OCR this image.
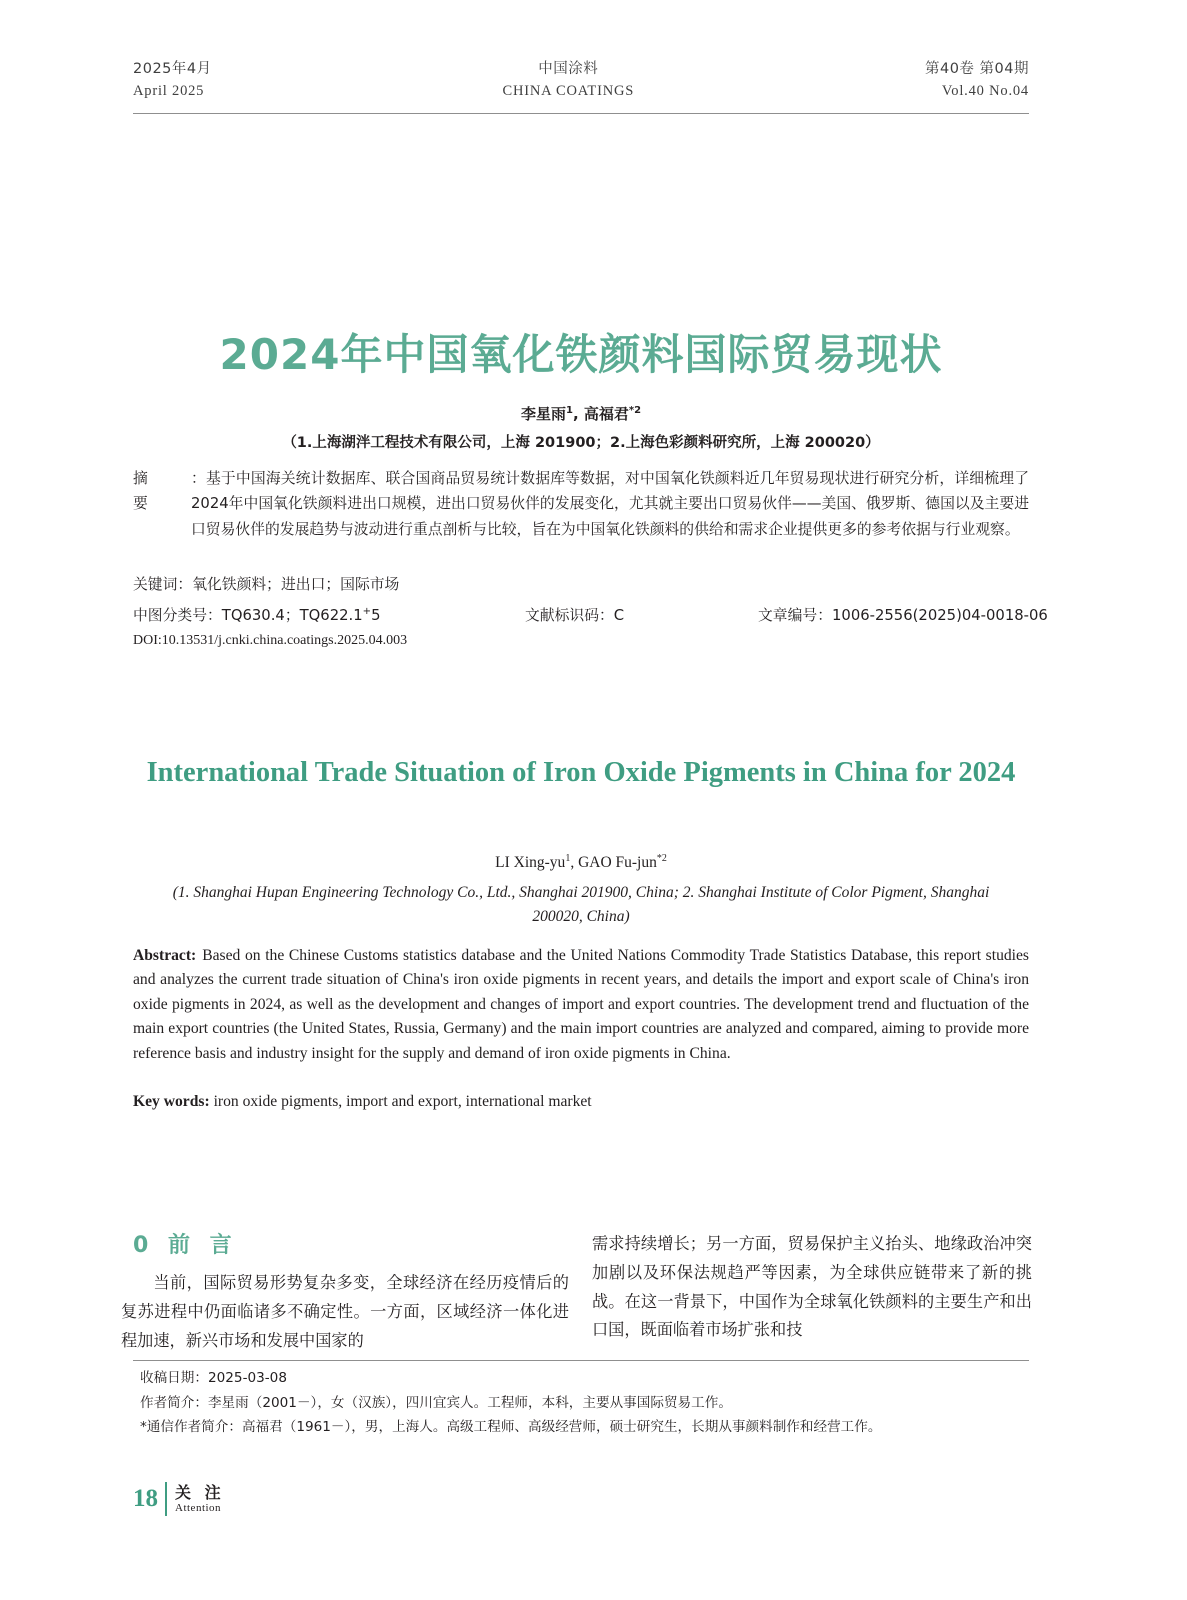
2025年4月
April 2025
中国涂料
CHINA COATINGS
第40卷 第04期
Vol.40 No.04
2024年中国氧化铁颜料国际贸易现状
李星雨$^1$, 高福君$^{*2}$
（1.上海湖泮工程技术有限公司，上海 201900；2.上海色彩颜料研究所，上海 200020）
摘 要
：基于中国海关统计数据库、联合国商品贸易统计数据库等数据，对中国氧化铁颜料近几年贸易现状进行研究分析，详细梳理了2024年中国氧化铁颜料进出口规模，进出口贸易伙伴的发展变化，尤其就主要出口贸易伙伴——美国、俄罗斯、德国以及主要进口贸易伙伴的发展趋势与波动进行重点剖析与比较，旨在为中国氧化铁颜料的供给和需求企业提供更多的参考依据与行业观察。
关键词：氧化铁颜料；进出口；国际市场
中图分类号：TQ630.4；TQ622.1+5	文献标识码：C	文章编号：1006-2556(2025)04-0018-06
DOI:10.13531/j.cnki.china.coatings.2025.04.003
International Trade Situation of Iron Oxide Pigments in China for 2024
LI Xing-$yu^1$, GAO Fu-jun$^{*2}$
(1. Shanghai Hupan Engineering Technology Co., Ltd., Shanghai 201900, China; 2. Shanghai Institute of Color Pigment, Shanghai 200020, China)
Abstract: Based on the Chinese Customs statistics database and the United Nations Commodity Trade Statistics Database, this report studies and analyzes the current trade situation of China's iron oxide pigments in recent years, and details the import and export scale of China's iron oxide pigments in 2024, as well as the development and changes of import and export countries. The development trend and fluctuation of the main export countries (the United States, Russia, Germany) and the main import countries are analyzed and compared, aiming to provide more reference basis and industry insight for the supply and demand of iron oxide pigments in China.
Key words: iron oxide pigments, import and export, international market
0 前 言

当前，国际贸易形势复杂多变，全球经济在经历疫情后的复苏进程中仍面临诸多不确定性。一方面，区域经济一体化进程加速，新兴市场和发展中国家的

需求持续增长；另一方面，贸易保护主义抬头、地缘政治冲突加剧以及环保法规趋严等因素，为全球供应链带来了新的挑战。在这一背景下，中国作为全球氧化铁颜料的主要生产和出口国，既面临着市场扩张和技

收稿日期：2025-03-08
作者简介：李星雨（2001－），女（汉族），四川宜宾人。工程师，本科，主要从事国际贸易工作。
*通信作者简介：高福君（1961－），男，上海人。高级工程师、高级经营师，硕士研究生，长期从事颜料制作和经营工作。
18 关 注
Attention
